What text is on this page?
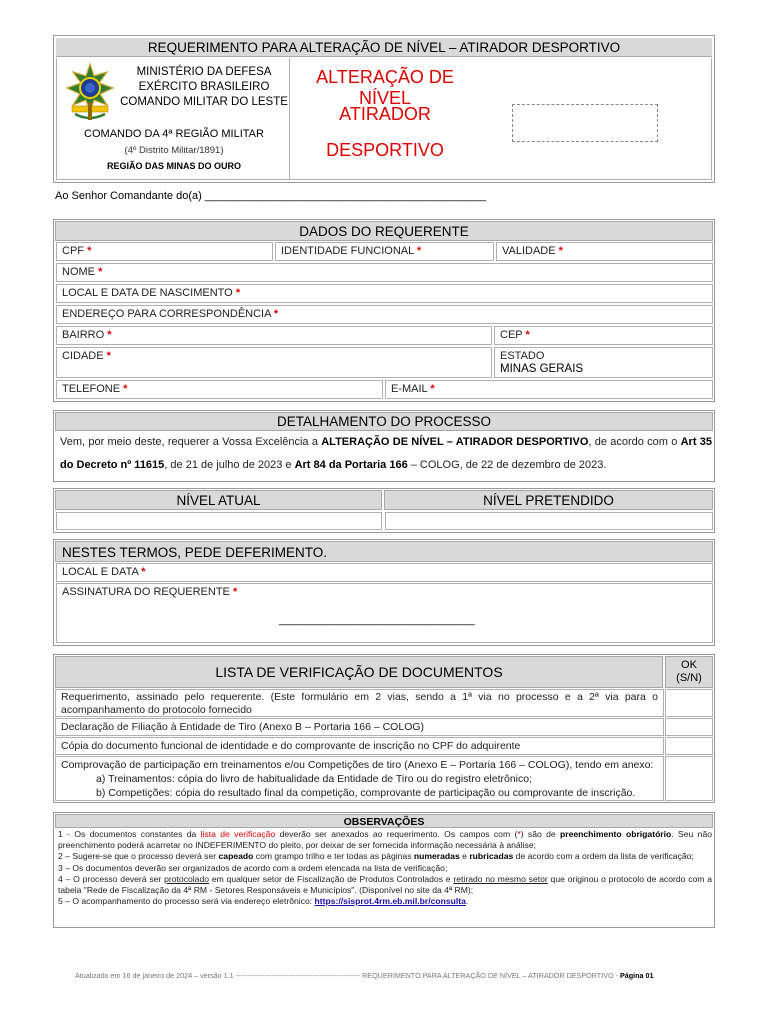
REQUERIMENTO PARA ALTERAÇÃO DE NÍVEL – ATIRADOR DESPORTIVO
MINISTÉRIO DA DEFESA
EXÉRCITO BRASILEIRO
COMANDO MILITAR DO LESTE
COMANDO DA 4ª REGIÃO MILITAR
(4º Distrito Militar/1891)
REGIÃO DAS MINAS DO OURO
ALTERAÇÃO DE NÍVEL
ATIRADOR
DESPORTIVO
Ao Senhor Comandante do(a) ______________________________________________
DADOS DO REQUERENTE
CPF *	IDENTIDADE FUNCIONAL *	VALIDADE *
NOME *
LOCAL E DATA DE NASCIMENTO *
ENDEREÇO PARA CORRESPONDÊNCIA *
BAIRRO *	CEP *
CIDADE *	ESTADO
MINAS GERAIS
TELEFONE *	E-MAIL *
DETALHAMENTO DO PROCESSO
Vem, por meio deste, requerer a Vossa Excelência a ALTERAÇÃO DE NÍVEL – ATIRADOR DESPORTIVO, de acordo com o Art 35 do Decreto nº 11615, de 21 de julho de 2023 e Art 84 da Portaria 166 – COLOG, de 22 de dezembro de 2023.
NÍVEL ATUAL	NÍVEL PRETENDIDO
NESTES TERMOS, PEDE DEFERIMENTO.
LOCAL E DATA *
ASSINATURA DO REQUERENTE *
________________________________
LISTA DE VERIFICAÇÃO DE DOCUMENTOS	OK
(S/N)
Requerimento, assinado pelo requerente. (Este formulário em 2 vias, sendo a 1ª via no processo e a 2ª via para o acompanhamento do protocolo fornecido
Declaração de Filiação à Entidade de Tiro (Anexo B – Portaria 166 – COLOG)
Cópia do documento funcional de identidade e do comprovante de inscrição no CPF do adquirente
Comprovação de participação em treinamentos e/ou Competições de tiro (Anexo E – Portaria 166 – COLOG), tendo em anexo:
a) Treinamentos: cópia do livro de habitualidade da Entidade de Tiro ou do registro eletrônico;
b) Competições: cópia do resultado final da competição, comprovante de participação ou comprovante de inscrição.
OBSERVAÇÕES

1 - Os documentos constantes da lista de verificação deverão ser anexados ao requerimento. Os campos com (*) são de preenchimento obrigatório. Seu não preenchimento poderá acarretar no INDEFERIMENTO do pleito, por deixar de ser fornecida informação necessária à análise;

2 – Sugere-se que o processo deverá ser capeado com grampo trilho e ter todas as páginas numeradas e rubricadas de acordo com a ordem da lista de verificação;

3 – Os documentos deverão ser organizados de acordo com a ordem elencada na lista de verificação;

4 – O processo deverá ser protocolado em qualquer setor de Fiscalização de Produtos Controlados e retirado no mesmo setor que originou o protocolo de acordo com a tabela "Rede de Fiscalização da 4ª RM - Setores Responsáveis e Municípios". (Disponível no site da 4ª RM);

5 – O acompanhamento do processo será via endereço eletrônico: https://sisprot.4rm.eb.mil.br/consulta.

Atualizado em 16 de janeiro de 2024 – versão 1.1 ---------------------------------------------------- REQUERIMENTO PARA ALTERAÇÃO DE NÍVEL – ATIRADOR DESPORTIVO - Página 01
